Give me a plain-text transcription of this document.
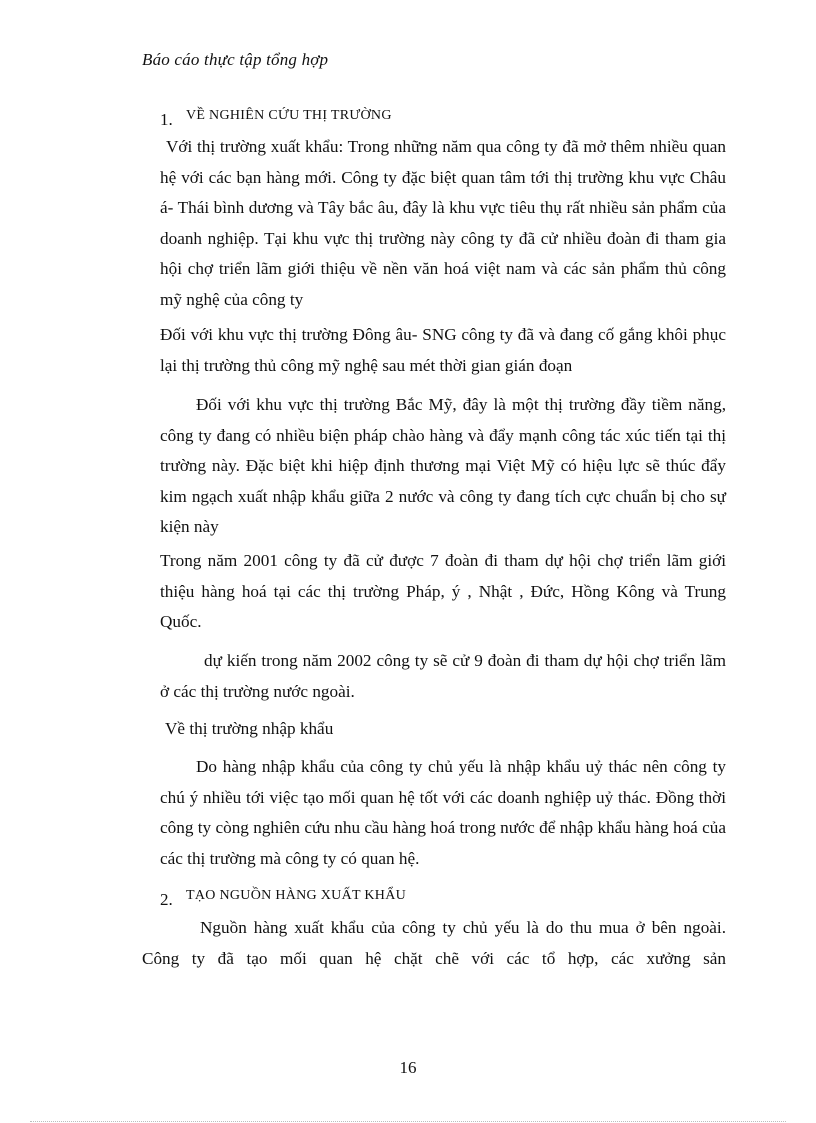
Báo cáo thực tập tổng hợp
1. VỀ NGHIÊN CỨU THỊ TRƯỜNG

Với thị trường xuất khẩu: Trong những năm qua công ty đã mở thêm nhiều quan hệ với các bạn hàng mới. Công ty đặc biệt quan tâm tới thị trường khu vực Châu á- Thái bình dương và Tây bắc âu, đây là khu vực tiêu thụ rất nhiều sản phẩm của doanh nghiệp. Tại khu vực thị trường này công ty đã cử nhiều đoàn đi tham gia hội chợ triển lãm giới thiệu về nền văn hoá việt nam và các sản phẩm thủ công mỹ nghệ của công ty

Đối với khu vực thị trường Đông âu- SNG công ty đã và đang cố gắng khôi phục lại thị trường thủ công mỹ nghệ sau mét thời gian gián đoạn

Đối với khu vực thị trường Bắc Mỹ, đây là một thị trường đầy tiềm năng, công ty đang có nhiều biện pháp chào hàng và đẩy mạnh công tác xúc tiến tại thị trường này. Đặc biệt khi hiệp định thương mại Việt Mỹ có hiệu lực sẽ thúc đẩy kim ngạch xuất nhập khẩu giữa 2 nước và công ty đang tích cực chuẩn bị cho sự kiện này

Trong năm 2001 công ty đã cử được 7 đoàn đi tham dự hội chợ triển lãm giới thiệu hàng hoá tại các thị trường Pháp, ý , Nhật , Đức, Hồng Kông và Trung Quốc.

dự kiến trong năm 2002 công ty sẽ cử 9 đoàn đi tham dự hội chợ triển lãm ở các thị trường nước ngoài.

Về thị trường nhập khẩu

Do hàng nhập khẩu của công ty chủ yếu là nhập khẩu uỷ thác nên công ty chú ý nhiều tới việc tạo mối quan hệ tốt với các doanh nghiệp uỷ thác. Đồng thời công ty còng nghiên cứu nhu cầu hàng hoá trong nước để nhập khẩu hàng hoá của các thị trường mà công ty có quan hệ.

2. TẠO NGUỒN HÀNG XUẤT KHẨU

Nguồn hàng xuất khẩu của công ty chủ yếu là do thu mua ở bên ngoài. Công ty đã tạo mối quan hệ chặt chẽ với các tổ hợp, các xưởng sản

16
